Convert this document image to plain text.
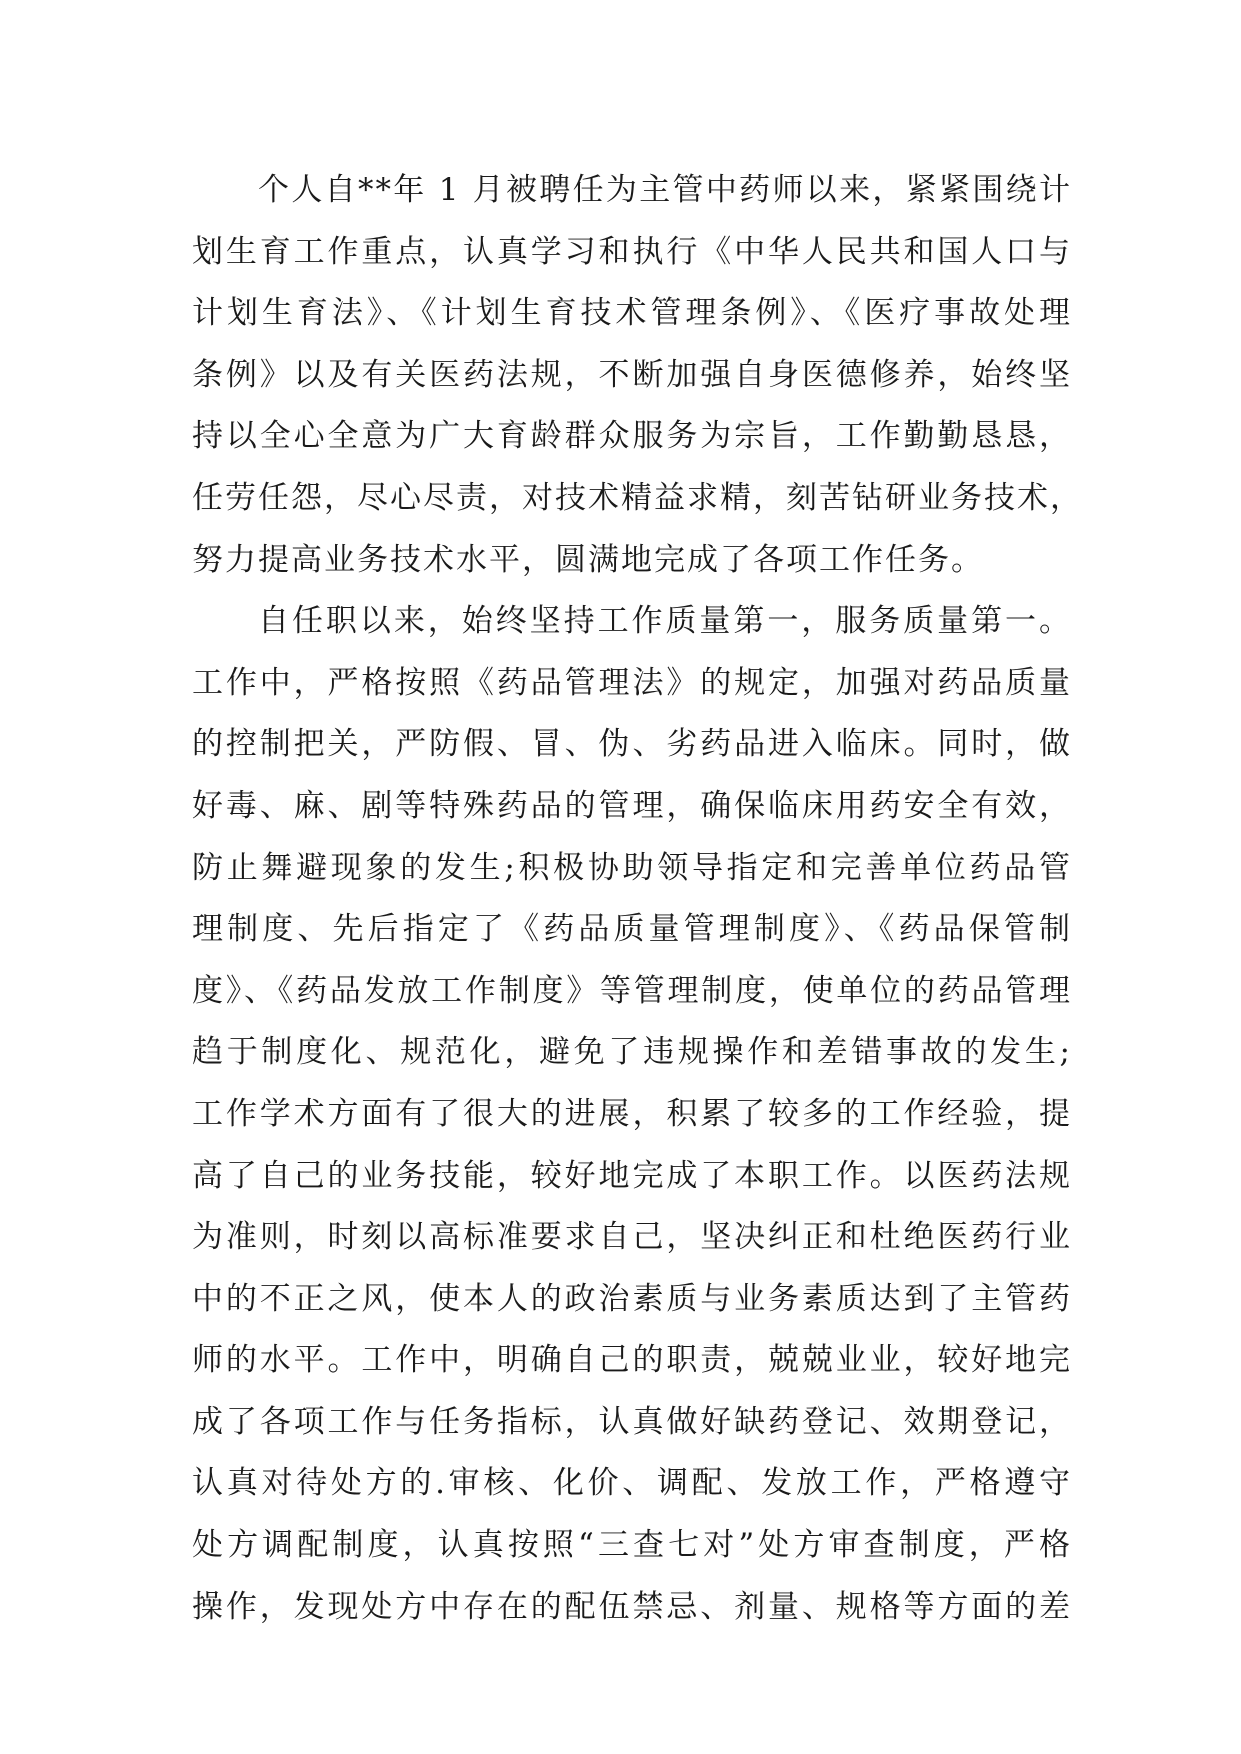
个人自**年 1 月被聘任为主管中药师以来，紧紧围绕计
划生育工作重点，认真学习和执行《中华人民共和国人口与
计划生育法》、《计划生育技术管理条例》、《医疗事故处理
条例》以及有关医药法规，不断加强自身医德修养，始终坚
持以全心全意为广大育龄群众服务为宗旨，工作勤勤恳恳，
任劳任怨，尽心尽责，对技术精益求精，刻苦钻研业务技术，
努力提高业务技术水平，圆满地完成了各项工作任务。
自任职以来，始终坚持工作质量第一，服务质量第一。
工作中，严格按照《药品管理法》的规定，加强对药品质量
的控制把关，严防假、冒、伪、劣药品进入临床。同时，做
好毒、麻、剧等特殊药品的管理，确保临床用药安全有效，
防止舞避现象的发生;积极协助领导指定和完善单位药品管
理制度、先后指定了《药品质量管理制度》、《药品保管制
度》、《药品发放工作制度》等管理制度，使单位的药品管理
趋于制度化、规范化，避免了违规操作和差错事故的发生;
工作学术方面有了很大的进展，积累了较多的工作经验，提
高了自己的业务技能，较好地完成了本职工作。以医药法规
为准则，时刻以高标准要求自己，坚决纠正和杜绝医药行业
中的不正之风，使本人的政治素质与业务素质达到了主管药
师的水平。工作中，明确自己的职责，兢兢业业，较好地完
成了各项工作与任务指标，认真做好缺药登记、效期登记，
认真对待处方的.审核、化价、调配、发放工作，严格遵守
处方调配制度，认真按照“三查七对”处方审查制度，严格
操作，发现处方中存在的配伍禁忌、剂量、规格等方面的差
